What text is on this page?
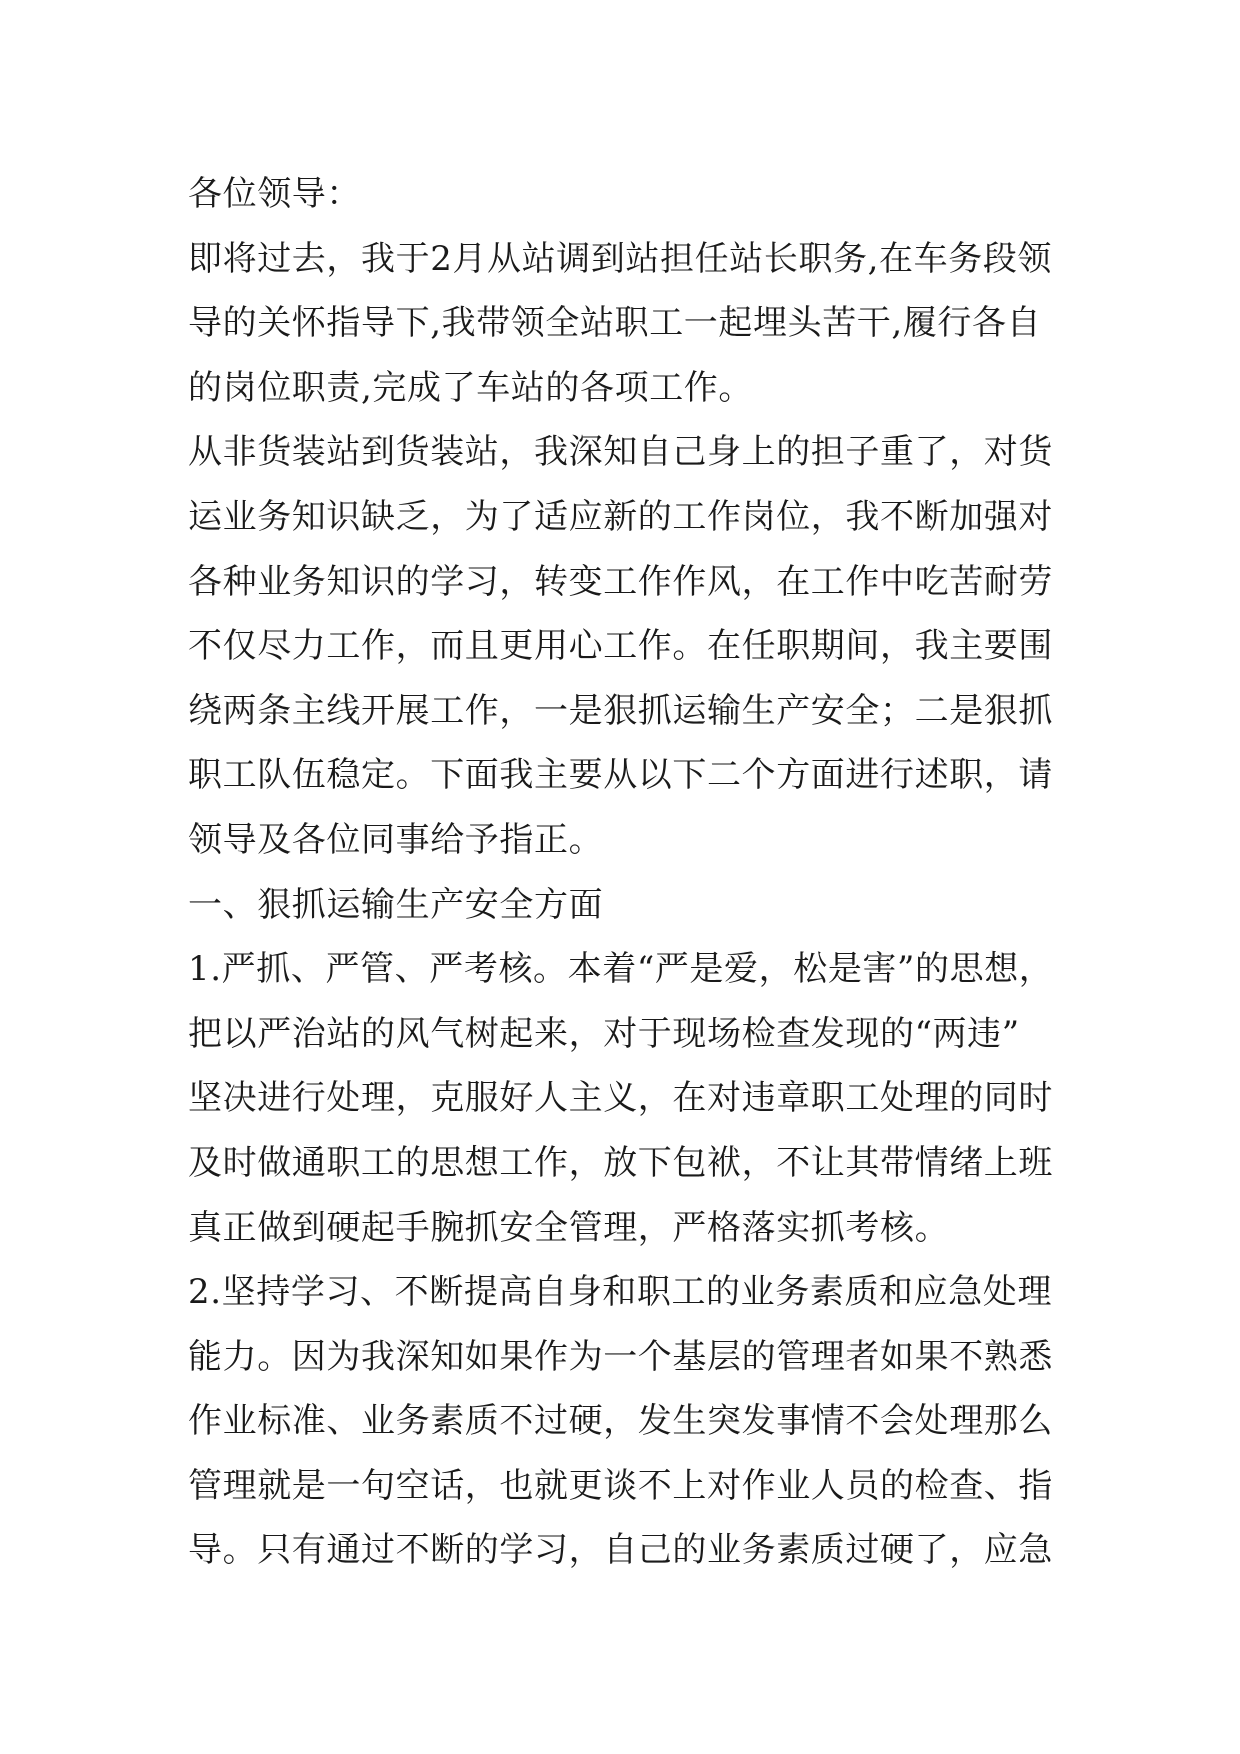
各位领导：
即将过去，我于2月从站调到站担任站长职务,在车务段领
导的关怀指导下,我带领全站职工一起埋头苦干,履行各自
的岗位职责,完成了车站的各项工作。
从非货装站到货装站，我深知自己身上的担子重了，对货
运业务知识缺乏，为了适应新的工作岗位，我不断加强对
各种业务知识的学习，转变工作作风，在工作中吃苦耐劳
不仅尽力工作，而且更用心工作。在任职期间，我主要围
绕两条主线开展工作，一是狠抓运输生产安全；二是狠抓
职工队伍稳定。下面我主要从以下二个方面进行述职，请
领导及各位同事给予指正。
一、狠抓运输生产安全方面
1.严抓、严管、严考核。本着“严是爱，松是害”的思想，
把以严治站的风气树起来，对于现场检查发现的“两违”
坚决进行处理，克服好人主义，在对违章职工处理的同时
及时做通职工的思想工作，放下包袱，不让其带情绪上班
真正做到硬起手腕抓安全管理，严格落实抓考核。
2.坚持学习、不断提高自身和职工的业务素质和应急处理
能力。因为我深知如果作为一个基层的管理者如果不熟悉
作业标准、业务素质不过硬，发生突发事情不会处理那么
管理就是一句空话，也就更谈不上对作业人员的检查、指
导。只有通过不断的学习，自己的业务素质过硬了，应急
